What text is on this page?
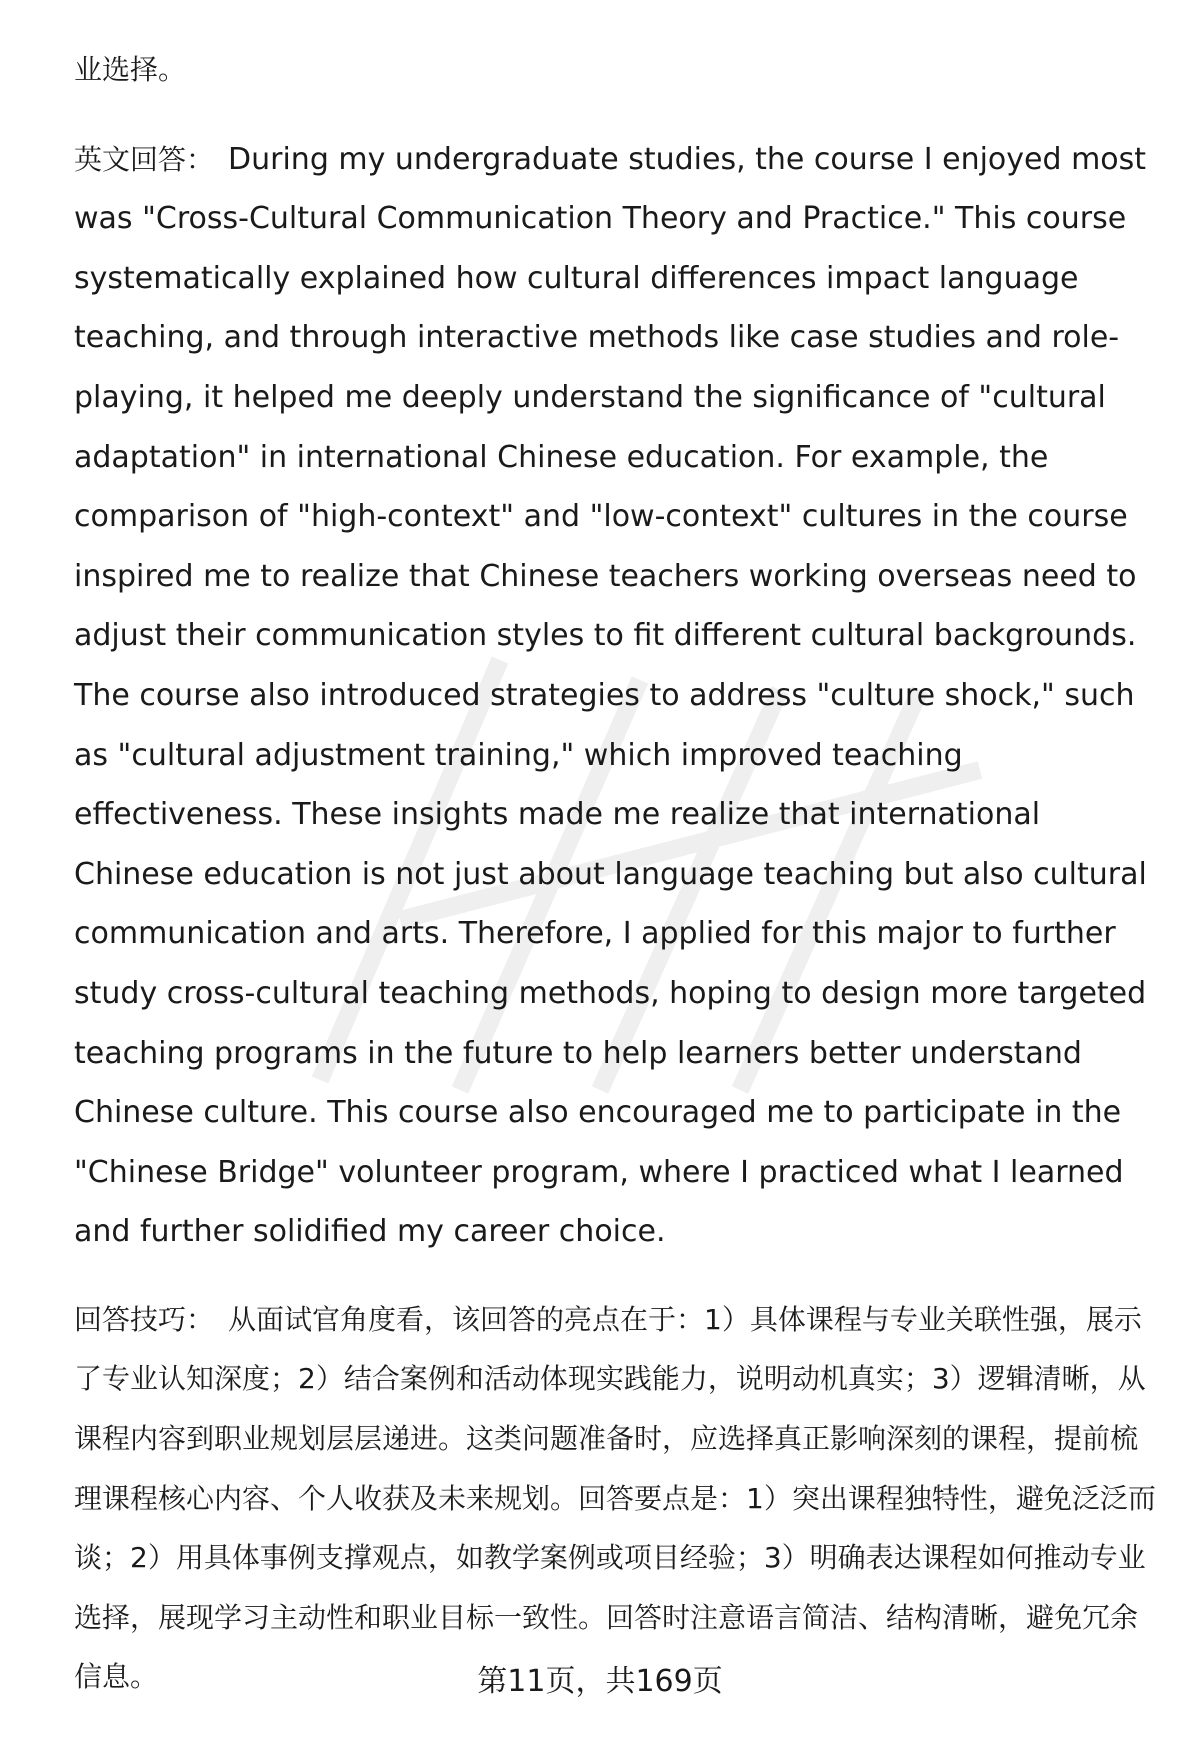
业选择。

英文回答： During my undergraduate studies, the course I enjoyed most was "Cross-Cultural Communication Theory and Practice." This course systematically explained how cultural differences impact language teaching, and through interactive methods like case studies and role-playing, it helped me deeply understand the significance of "cultural adaptation" in international Chinese education. For example, the comparison of "high-context" and "low-context" cultures in the course inspired me to realize that Chinese teachers working overseas need to adjust their communication styles to fit different cultural backgrounds. The course also introduced strategies to address "culture shock," such as "cultural adjustment training," which improved teaching effectiveness. These insights made me realize that international Chinese education is not just about language teaching but also cultural communication and arts. Therefore, I applied for this major to further study cross-cultural teaching methods, hoping to design more targeted teaching programs in the future to help learners better understand Chinese culture. This course also encouraged me to participate in the "Chinese Bridge" volunteer program, where I practiced what I learned and further solidified my career choice.

回答技巧： 从面试官角度看，该回答的亮点在于：1）具体课程与专业关联性强，展示了专业认知深度；2）结合案例和活动体现实践能力，说明动机真实；3）逻辑清晰，从课程内容到职业规划层层递进。这类问题准备时，应选择真正影响深刻的课程，提前梳理课程核心内容、个人收获及未来规划。回答要点是：1）突出课程独特性，避免泛泛而谈；2）用具体事例支撑观点，如教学案例或项目经验；3）明确表达课程如何推动专业选择，展现学习主动性和职业目标一致性。回答时注意语言简洁、结构清晰，避免冗余信息。	第11页，共169页
